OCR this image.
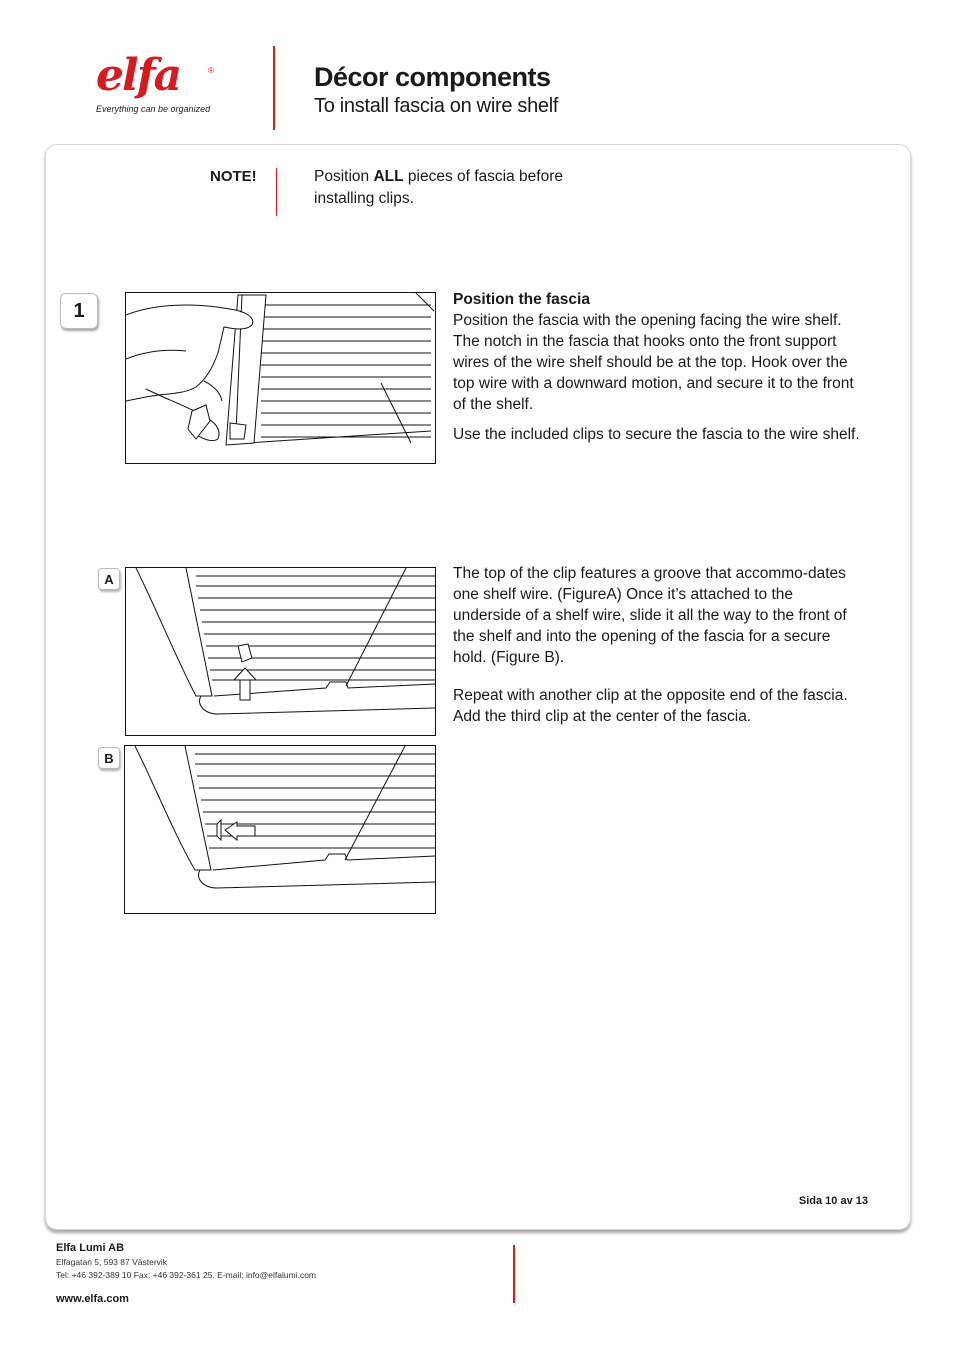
elfa	®
Everything can be organized
Décor components
To install fascia on wire shelf
NOTE!	Position ALL pieces of fascia before installing clips.
1	Position the fascia

Position the fascia with the opening facing the wire shelf. The notch in the fascia that hooks onto the front support wires of the wire shelf should be at the top. Hook over the top wire with a downward motion, and secure it to the front of the shelf.

Use the included clips to secure the fascia to the wire shelf.

A
B

The top of the clip features a groove that accommo-dates one shelf wire. (FigureA) Once it’s attached to the underside of a shelf wire, slide it all the way to the front of the shelf and into the opening of the fascia for a secure hold. (Figure B).

Repeat with another clip at the opposite end of the fascia. Add the third clip at the center of the fascia.

Sida 10 av 13
Elfa Lumi AB
Elfagatan 5, 593 87 Västervik
Tel: +46 392-389 10 Fax: +46 392-361 25. E-mail: info@elfalumi.com
www.elfa.com
